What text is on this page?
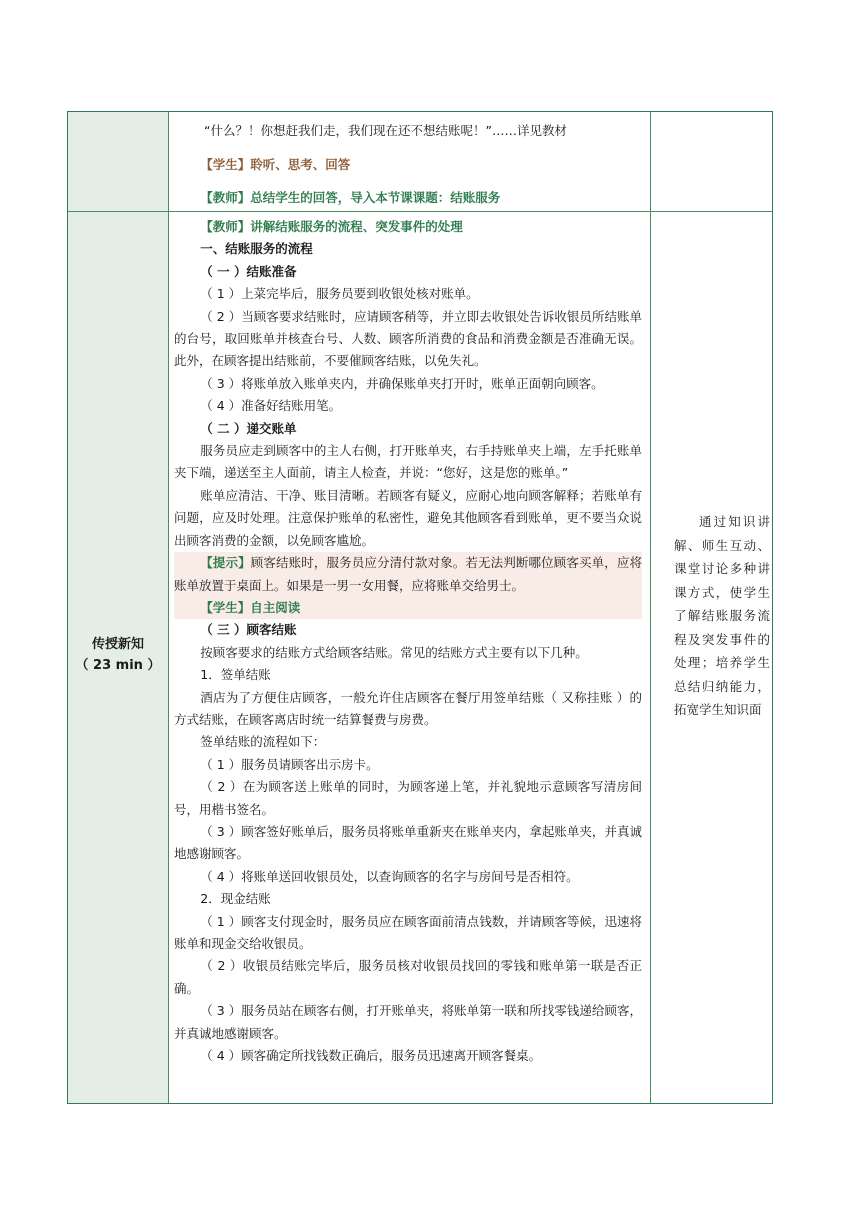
“什么？！你想赶我们走，我们现在还不想结账呢！”……详见教材

【学生】聆听、思考、回答

【教师】总结学生的回答，导入本节课课题：结账服务

传授新知
（ 23 min ）

【教师】讲解结账服务的流程、突发事件的处理

一、结账服务的流程

（ 一 ）结账准备

（ 1 ）上菜完毕后，服务员要到收银处核对账单。

（ 2 ）当顾客要求结账时，应请顾客稍等，并立即去收银处告诉收银员所结账单的台号，取回账单并核查台号、人数、顾客所消费的食品和消费金额是否准确无误。此外，在顾客提出结账前，不要催顾客结账，以免失礼。

（ 3 ）将账单放入账单夹内，并确保账单夹打开时，账单正面朝向顾客。

（ 4 ）准备好结账用笔。

（ 二 ）递交账单

服务员应走到顾客中的主人右侧，打开账单夹，右手持账单夹上端，左手托账单夹下端，递送至主人面前，请主人检查，并说：“您好，这是您的账单。”

账单应清洁、干净、账目清晰。若顾客有疑义，应耐心地向顾客解释；若账单有问题，应及时处理。注意保护账单的私密性，避免其他顾客看到账单，更不要当众说出顾客消费的金额，以免顾客尴尬。

【提示】顾客结账时，服务员应分清付款对象。若无法判断哪位顾客买单，应将账单放置于桌面上。如果是一男一女用餐，应将账单交给男士。

【学生】自主阅读

（ 三 ）顾客结账

按顾客要求的结账方式给顾客结账。常见的结账方式主要有以下几种。

1．签单结账

酒店为了方便住店顾客，一般允许住店顾客在餐厅用签单结账（ 又称挂账 ）的方式结账，在顾客离店时统一结算餐费与房费。

签单结账的流程如下：

（ 1 ）服务员请顾客出示房卡。

（ 2 ）在为顾客送上账单的同时，为顾客递上笔，并礼貌地示意顾客写清房间号，用楷书签名。

（ 3 ）顾客签好账单后，服务员将账单重新夹在账单夹内，拿起账单夹，并真诚地感谢顾客。

（ 4 ）将账单送回收银员处，以查询顾客的名字与房间号是否相符。

2．现金结账

（ 1 ）顾客支付现金时，服务员应在顾客面前清点钱数，并请顾客等候，迅速将账单和现金交给收银员。

（ 2 ）收银员结账完毕后，服务员核对收银员找回的零钱和账单第一联是否正确。

（ 3 ）服务员站在顾客右侧，打开账单夹，将账单第一联和所找零钱递给顾客，并真诚地感谢顾客。

（ 4 ）顾客确定所找钱数正确后，服务员迅速离开顾客餐桌。

通过知识讲解、师生互动、课堂讨论多种讲课方式，使学生了解结账服务流程及突发事件的处理；培养学生总结归纳能力，拓宽学生知识面
